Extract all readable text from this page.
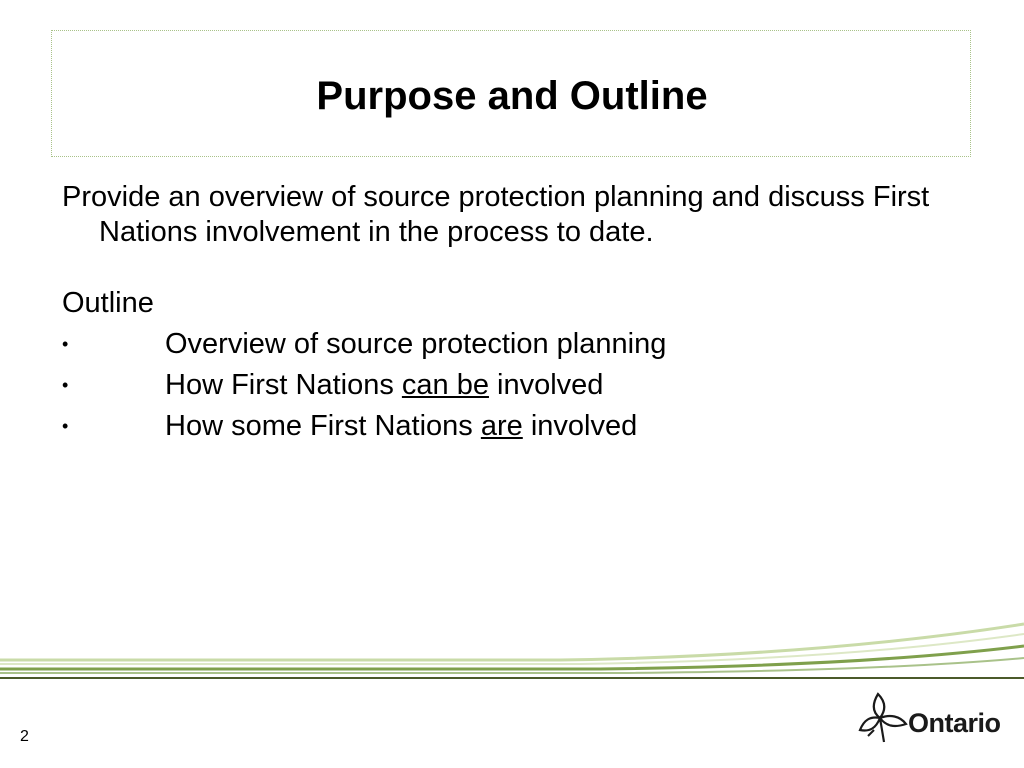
Purpose and Outline

Provide an overview of source protection planning and discuss First Nations involvement in the process to date.

Outline

•	Overview of source protection planning
•	How First Nations can be involved
•	How some First Nations are involved
2	Ontario
